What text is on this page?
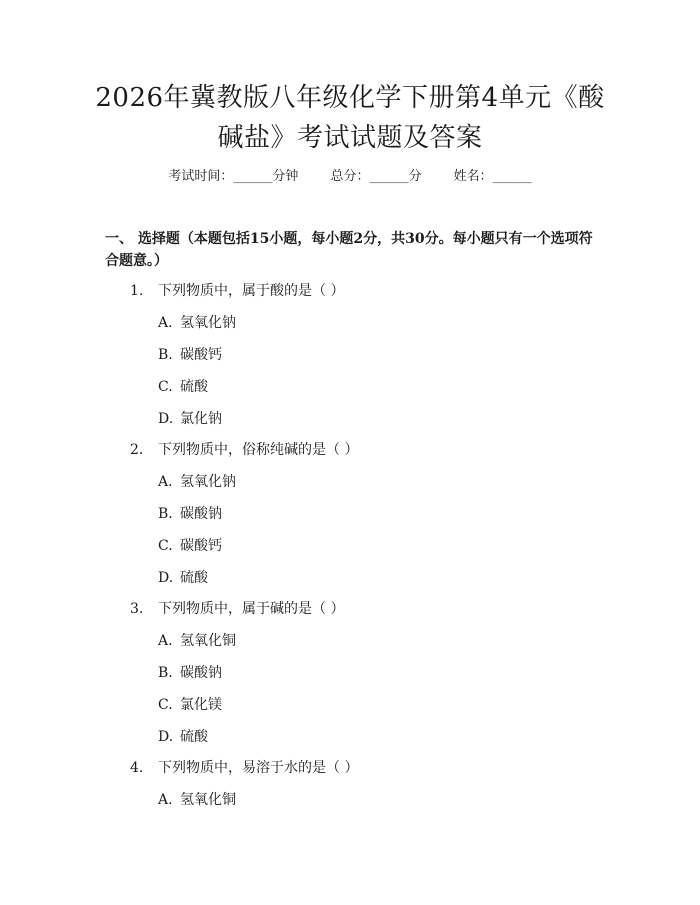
2026年冀教版八年级化学下册第4单元《酸
碱盐》考试试题及答案
考试时间：______分钟 总分：______分 姓名：______
一、 选择题（本题包括15小题，每小题2分，共30分。每小题只有一个选项符合题意。）
1. 下列物质中，属于酸的是（ ）
A. 氢氧化钠
B. 碳酸钙
C. 硫酸
D. 氯化钠
2. 下列物质中，俗称纯碱的是（ ）
A. 氢氧化钠
B. 碳酸钠
C. 碳酸钙
D. 硫酸
3. 下列物质中，属于碱的是（ ）
A. 氢氧化铜
B. 碳酸钠
C. 氯化镁
D. 硫酸
4. 下列物质中，易溶于水的是（ ）
A. 氢氧化铜
